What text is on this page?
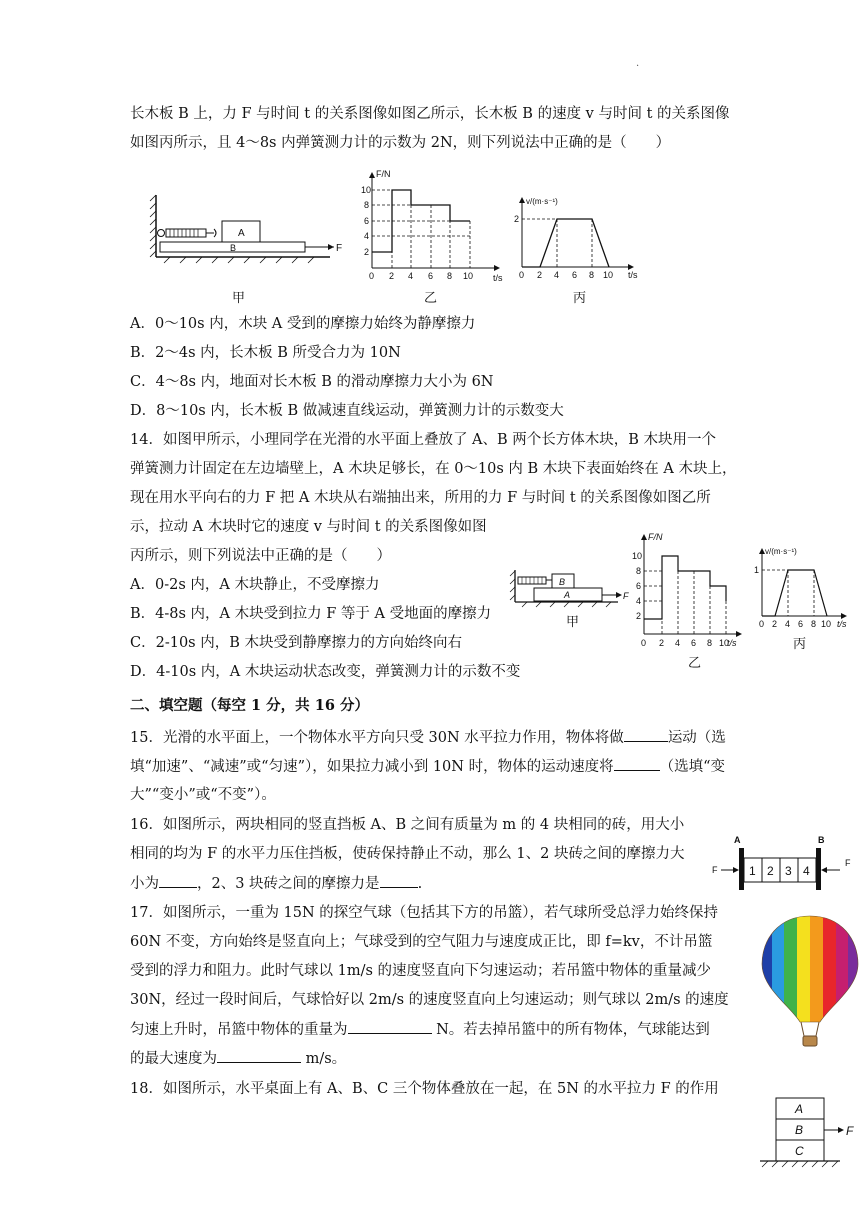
.
长木板 B 上，力 F 与时间 t 的关系图像如图乙所示，长木板 B 的速度 v 与时间 t 的关系图像
如图丙所示，且 4～8s 内弹簧测力计的示数为 2N，则下列说法中正确的是（　　）
A
B	F
甲
F/N
t/s
10
8
6
4
2
0 2 4 6 8 10
乙
v/(m·s⁻¹)
t/s
2
0 2 4 6 8 10
丙
A．0～10s 内，木块 A 受到的摩擦力始终为静摩擦力
B．2～4s 内，长木板 B 所受合力为 10N
C．4～8s 内，地面对长木板 B 的滑动摩擦力大小为 6N
D．8～10s 内，长木板 B 做减速直线运动，弹簧测力计的示数变大
14．如图甲所示，小理同学在光滑的水平面上叠放了 A、B 两个长方体木块，B 木块用一个
弹簧测力计固定在左边墙壁上，A 木块足够长，在 0～10s 内 B 木块下表面始终在 A 木块上，
现在用水平向右的力 F 把 A 木块从右端抽出来，所用的力 F 与时间 t 的关系图像如图乙所
示，拉动 A 木块时它的速度 v 与时间 t 的关系图像如图
丙所示，则下列说法中正确的是（　　）
A．0-2s 内，A 木块静止，不受摩擦力
B．4-8s 内，A 木块受到拉力 F 等于 A 受地面的摩擦力
C．2-10s 内，B 木块受到静摩擦力的方向始终向右
D．4-10s 内，A 木块运动状态改变，弹簧测力计的示数不变
B
A	F
甲
F/N
t/s
10
8
6
4
2
0 2 4 6 8 10
乙
v/(m·s⁻¹)
t/s
1
0 2 4 6 8 10
丙
二、填空题（每空 1 分，共 16 分）
15．光滑的水平面上，一个物体水平方向只受 30N 水平拉力作用，物体将做	运动（选
填“加速”、“减速”或“匀速”），如果拉力减小到 10N 时，物体的运动速度将	（选填“变
大”“变小”或“不变”）。
16．如图所示，两块相同的竖直挡板 A、B 之间有质量为 m 的 4 块相同的砖，用大小
相同的均为 F 的水平力压住挡板，使砖保持静止不动，那么 1、2 块砖之间的摩擦力大
小为	，2、3 块砖之间的摩擦力是	.
A	B
1 2 3 4
F
F
17．如图所示，一重为 15N 的探空气球（包括其下方的吊篮），若气球所受总浮力始终保持
60N 不变，方向始终是竖直向上；气球受到的空气阻力与速度成正比，即 f=kv，不计吊篮
受到的浮力和阻力。此时气球以 1m/s 的速度竖直向下匀速运动；若吊篮中物体的重量减少
30N，经过一段时间后，气球恰好以 2m/s 的速度竖直向上匀速运动；则气球以 2m/s 的速度
匀速上升时，吊篮中物体的重量为	N。若去掉吊篮中的所有物体，气球能达到
的最大速度为	m/s。
18．如图所示，水平桌面上有 A、B、C 三个物体叠放在一起，在 5N 的水平拉力 F 的作用
A
B
C
F
